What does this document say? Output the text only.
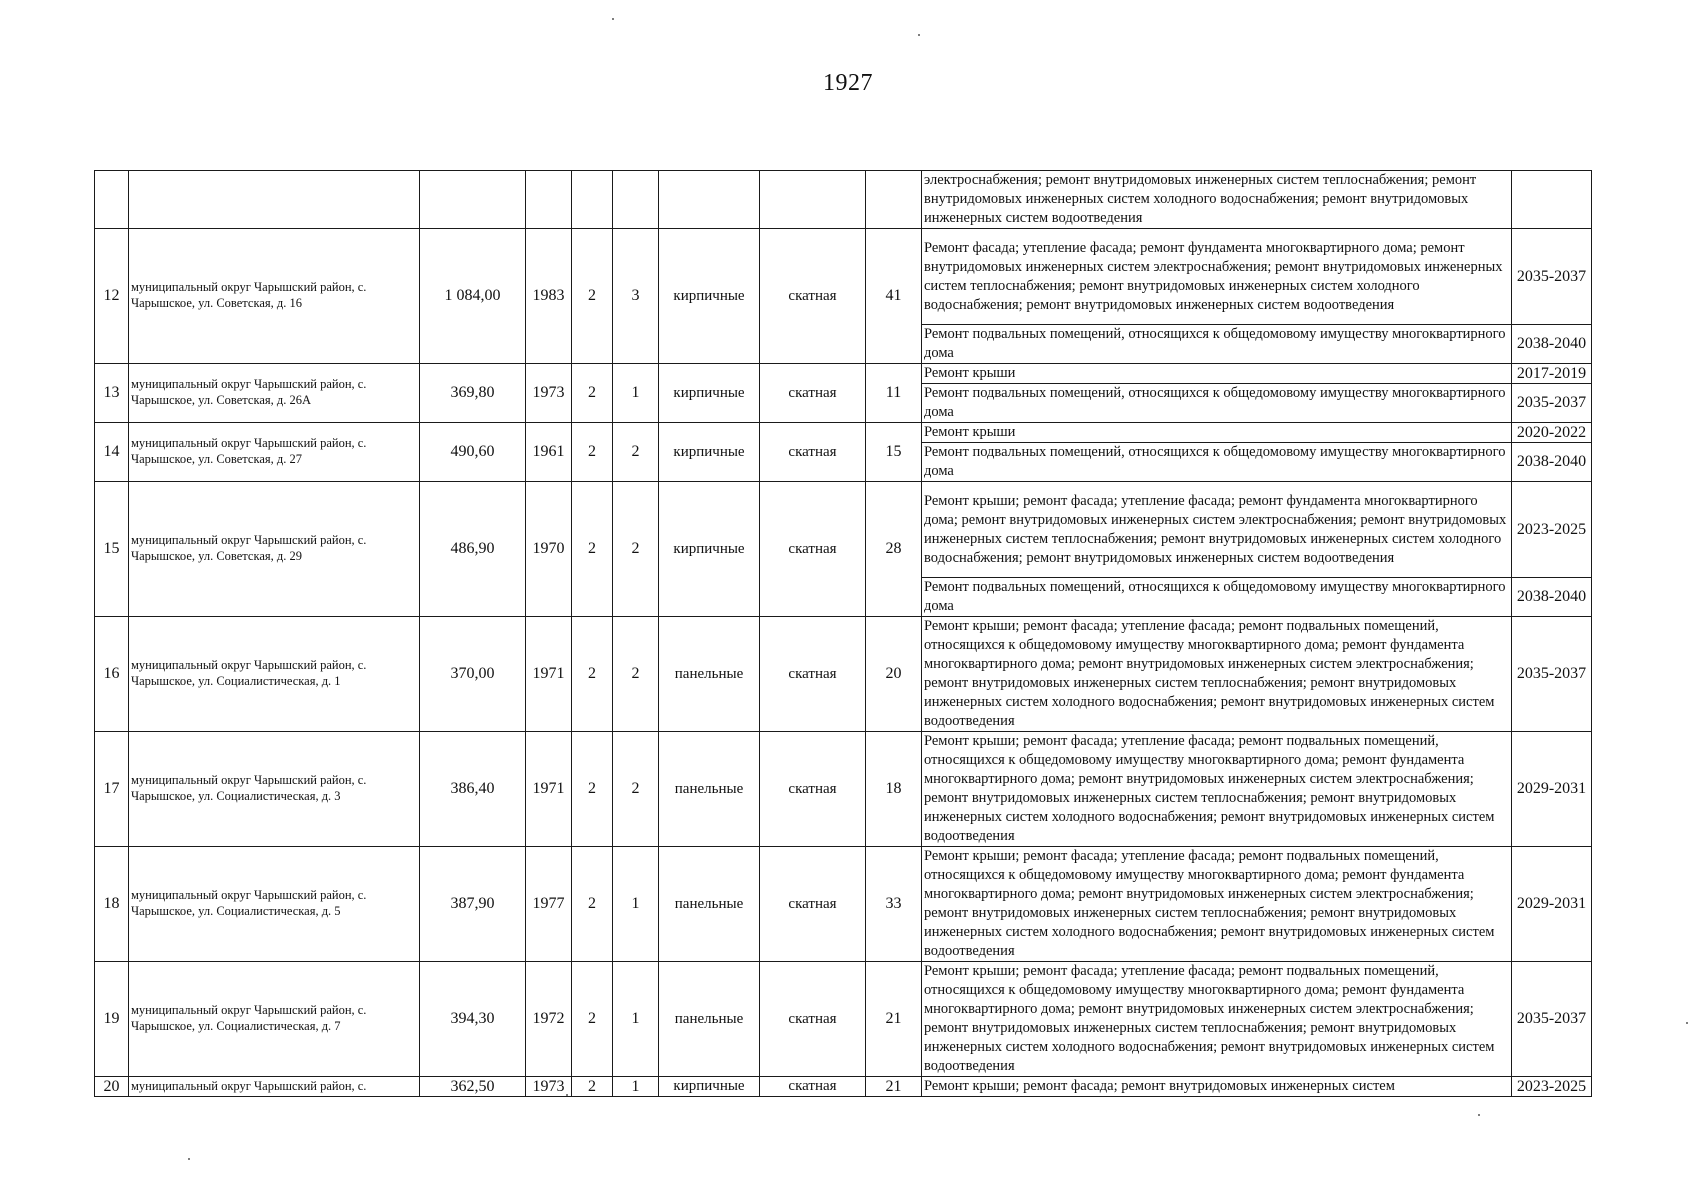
1927
									электроснабжения; ремонт внутридомовых инженерных систем теплоснабжения; ремонт внутридомовых инженерных систем холодного водоснабжения; ремонт внутридомовых инженерных систем водоотведения	
12	муниципальный округ Чарышский район, с. Чарышское, ул. Советская, д. 16	1 084,00	1983	2	3	кирпичные	скатная	41	Ремонт фасада; утепление фасада; ремонт фундамента многоквартирного дома; ремонт внутридомовых инженерных систем электроснабжения; ремонт внутридомовых инженерных систем теплоснабжения; ремонт внутридомовых инженерных систем холодного водоснабжения; ремонт внутридомовых инженерных систем водоотведения	2035-2037
									Ремонт подвальных помещений, относящихся к общедомовому имуществу многоквартирного дома	2038-2040
13	муниципальный округ Чарышский район, с. Чарышское, ул. Советская, д. 26А	369,80	1973	2	1	кирпичные	скатная	11	Ремонт крыши	2017-2019
									Ремонт подвальных помещений, относящихся к общедомовому имуществу многоквартирного дома	2035-2037
14	муниципальный округ Чарышский район, с. Чарышское, ул. Советская, д. 27	490,60	1961	2	2	кирпичные	скатная	15	Ремонт крыши	2020-2022
									Ремонт подвальных помещений, относящихся к общедомовому имуществу многоквартирного дома	2038-2040
15	муниципальный округ Чарышский район, с. Чарышское, ул. Советская, д. 29	486,90	1970	2	2	кирпичные	скатная	28	Ремонт крыши; ремонт фасада; утепление фасада; ремонт фундамента многоквартирного дома; ремонт внутридомовых инженерных систем электроснабжения; ремонт внутридомовых инженерных систем теплоснабжения; ремонт внутридомовых инженерных систем холодного водоснабжения; ремонт внутридомовых инженерных систем водоотведения	2023-2025
									Ремонт подвальных помещений, относящихся к общедомовому имуществу многоквартирного дома	2038-2040
16	муниципальный округ Чарышский район, с. Чарышское, ул. Социалистическая, д. 1	370,00	1971	2	2	панельные	скатная	20	Ремонт крыши; ремонт фасада; утепление фасада; ремонт подвальных помещений, относящихся к общедомовому имуществу многоквартирного дома; ремонт фундамента многоквартирного дома; ремонт внутридомовых инженерных систем электроснабжения; ремонт внутридомовых инженерных систем теплоснабжения; ремонт внутридомовых инженерных систем холодного водоснабжения; ремонт внутридомовых инженерных систем водоотведения	2035-2037
17	муниципальный округ Чарышский район, с. Чарышское, ул. Социалистическая, д. 3	386,40	1971	2	2	панельные	скатная	18	Ремонт крыши; ремонт фасада; утепление фасада; ремонт подвальных помещений, относящихся к общедомовому имуществу многоквартирного дома; ремонт фундамента многоквартирного дома; ремонт внутридомовых инженерных систем электроснабжения; ремонт внутридомовых инженерных систем теплоснабжения; ремонт внутридомовых инженерных систем холодного водоснабжения; ремонт внутридомовых инженерных систем водоотведения	2029-2031
18	муниципальный округ Чарышский район, с. Чарышское, ул. Социалистическая, д. 5	387,90	1977	2	1	панельные	скатная	33	Ремонт крыши; ремонт фасада; утепление фасада; ремонт подвальных помещений, относящихся к общедомовому имуществу многоквартирного дома; ремонт фундамента многоквартирного дома; ремонт внутридомовых инженерных систем электроснабжения; ремонт внутридомовых инженерных систем теплоснабжения; ремонт внутридомовых инженерных систем холодного водоснабжения; ремонт внутридомовых инженерных систем водоотведения	2029-2031
19	муниципальный округ Чарышский район, с. Чарышское, ул. Социалистическая, д. 7	394,30	1972	2	1	панельные	скатная	21	Ремонт крыши; ремонт фасада; утепление фасада; ремонт подвальных помещений, относящихся к общедомовому имуществу многоквартирного дома; ремонт фундамента многоквартирного дома; ремонт внутридомовых инженерных систем электроснабжения; ремонт внутридомовых инженерных систем теплоснабжения; ремонт внутридомовых инженерных систем холодного водоснабжения; ремонт внутридомовых инженерных систем водоотведения	2035-2037
20	муниципальный округ Чарышский район, с.	362,50	1973	2	1	кирпичные	скатная	21	Ремонт крыши; ремонт фасада; ремонт внутридомовых инженерных систем	2023-2025
